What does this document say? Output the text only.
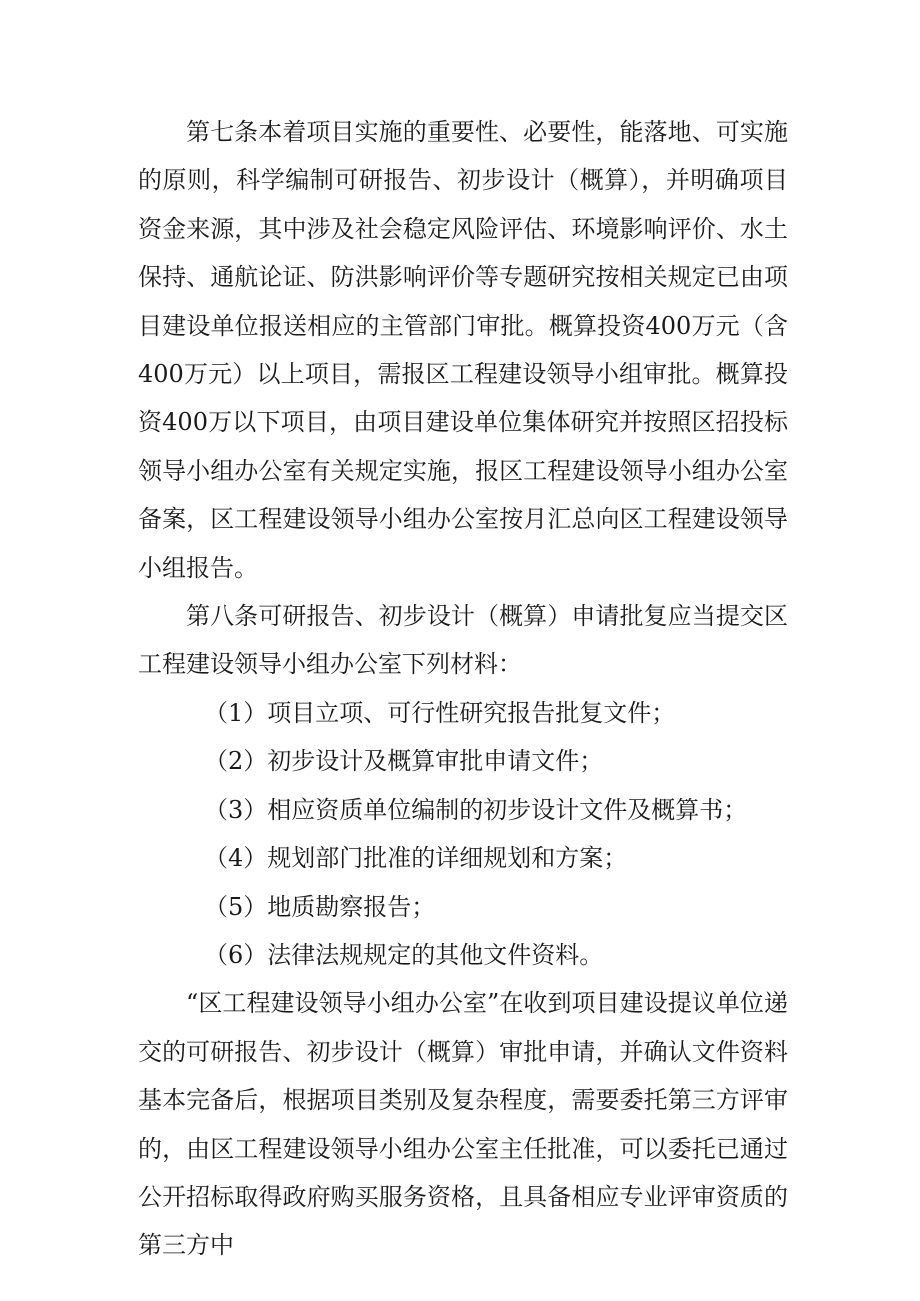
第七条本着项目实施的重要性、必要性，能落地、可实施的原则，科学编制可研报告、初步设计（概算），并明确项目资金来源，其中涉及社会稳定风险评估、环境影响评价、水土保持、通航论证、防洪影响评价等专题研究按相关规定已由项目建设单位报送相应的主管部门审批。概算投资400万元（含400万元）以上项目，需报区工程建设领导小组审批。概算投资400万以下项目，由项目建设单位集体研究并按照区招投标领导小组办公室有关规定实施，报区工程建设领导小组办公室备案，区工程建设领导小组办公室按月汇总向区工程建设领导小组报告。

第八条可研报告、初步设计（概算）申请批复应当提交区工程建设领导小组办公室下列材料：

（1）项目立项、可行性研究报告批复文件；

（2）初步设计及概算审批申请文件；

（3）相应资质单位编制的初步设计文件及概算书；

（4）规划部门批准的详细规划和方案；

（5）地质勘察报告；

（6）法律法规规定的其他文件资料。

“区工程建设领导小组办公室”在收到项目建设提议单位递交的可研报告、初步设计（概算）审批申请，并确认文件资料基本完备后，根据项目类别及复杂程度，需要委托第三方评审的，由区工程建设领导小组办公室主任批准，可以委托已通过公开招标取得政府购买服务资格，且具备相应专业评审资质的第三方中
